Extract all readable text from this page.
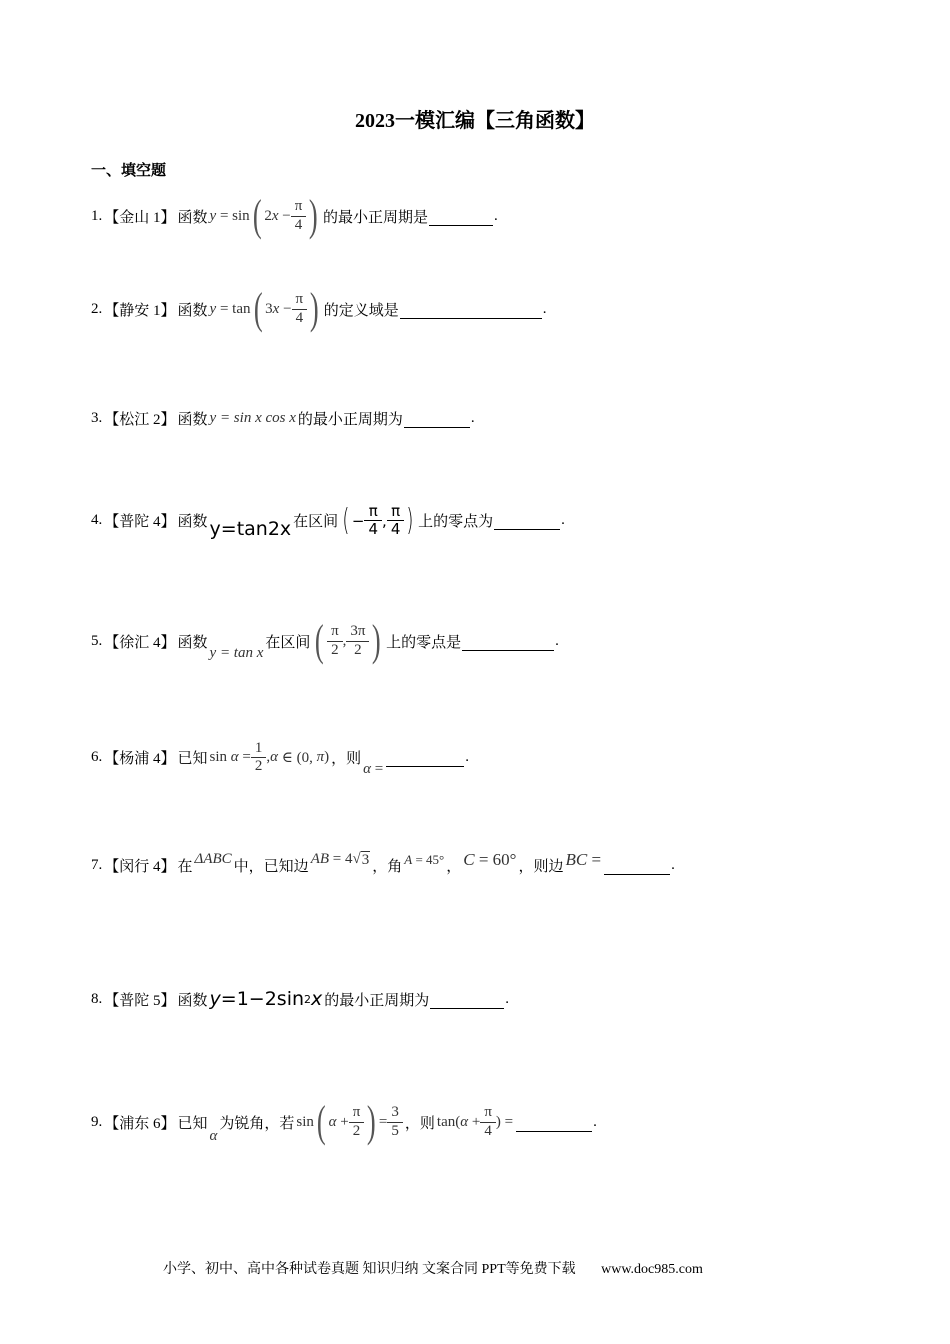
2023一模汇编【三角函数】
一、填空题
1. 【金山 1】 函数 y = sin ( 2 $x - \frac{\pi}{4}$ ) 的最小正周期是	.
2. 【静安 1】 函数 y = tan ( 3 $x - \frac{\pi}{4}$ ) 的定义域是	.
3. 【松江 2】 函数 y = sin x cos x 的最小正周期为	.
4. 【普陀 4】 函数 y=tan2x 在区间 ( − $\frac{\pi}{4}$ , $\frac{\pi}{4}$ ) 上的零点为	.
5. 【徐汇 4】 函数
y = tan x
在区间 ( $\frac{\pi}{2}$ , $\frac{3\pi}{2}$ ) 上的零点是	.
6. 【杨浦 4】 已知 $\sin \alpha = \frac{1}{2}$ , α ∈ (0, π ) ，则
α =
.
7. 【闵行 4】 在 ΔABC 中，已知边 AB = 4√ 3 ，角 A = 45° ， C = 60° ，则边 BC =	.
8. 【普陀 5】 函数 y =1−2sin 2 x 的最小正周期为	.
9. 【浦东 6】 已知
α
为锐角，若 sin ( $\alpha + \frac{\pi}{2}$ ) = $\frac{3}{5}$ ，则 tan( $\alpha + \frac{\pi}{4}$ ) =	.
小学、初中、高中各种试卷真题 知识归纳 文案合同 PPT等免费下载 www.doc985.com
